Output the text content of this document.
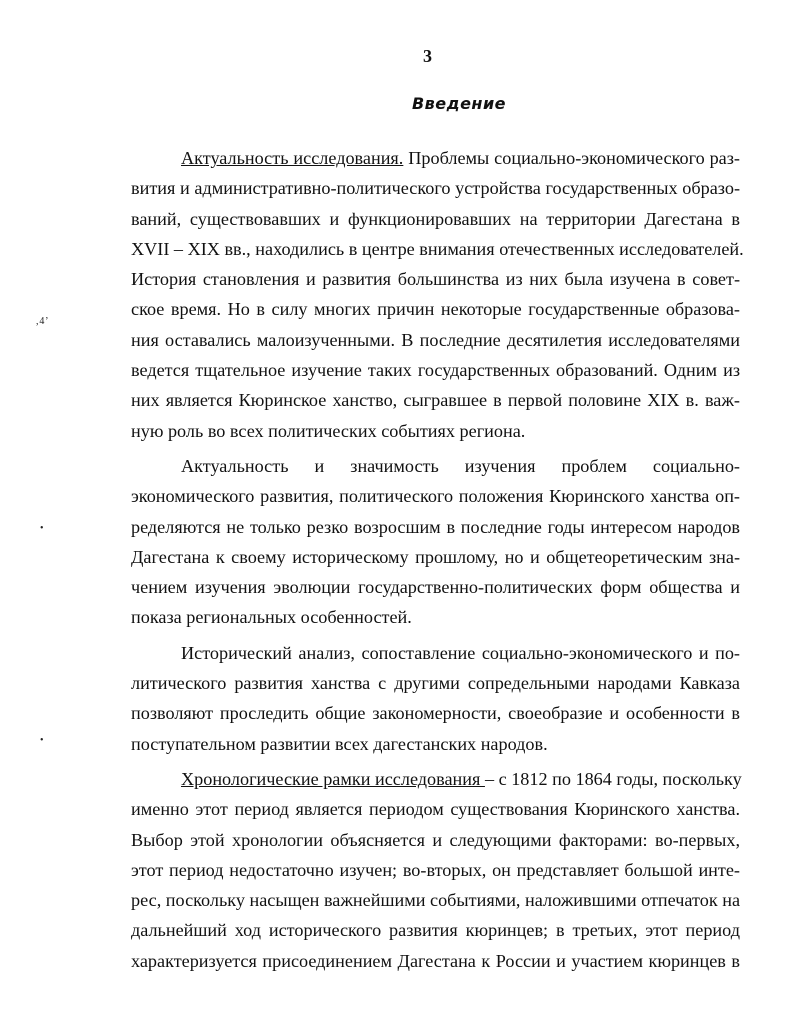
3
Введение
, 4 ’
•
•
Актуальность исследования. Проблемы социально-экономического раз-
вития и административно-политического устройства государственных образо-
ваний, существовавших и функционировавших на территории Дагестана в
XVII – XIX вв., находились в центре внимания отечественных исследователей.
История становления и развития большинства из них была изучена в совет-
ское время. Но в силу многих причин некоторые государственные образова-
ния оставались малоизученными. В последние десятилетия исследователями
ведется тщательное изучение таких государственных образований. Одним из
них является Кюринское ханство, сыгравшее в первой половине XIX в. важ-
ную роль во всех политических событиях региона.
Актуальность и значимость изучения проблем социально-
экономического развития, политического положения Кюринского ханства оп-
ределяются не только резко возросшим в последние годы интересом народов
Дагестана к своему историческому прошлому, но и общетеоретическим зна-
чением изучения эволюции государственно-политических форм общества и
показа региональных особенностей.
Исторический анализ, сопоставление социально-экономического и по-
литического развития ханства с другими сопредельными народами Кавказа
позволяют проследить общие закономерности, своеобразие и особенности в
поступательном развитии всех дагестанских народов.
Хронологические рамки исследования – с 1812 по 1864 годы, поскольку
именно этот период является периодом существования Кюринского ханства.
Выбор этой хронологии объясняется и следующими факторами: во-первых,
этот период недостаточно изучен; во-вторых, он представляет большой инте-
рес, поскольку насыщен важнейшими событиями, наложившими отпечаток на
дальнейший ход исторического развития кюринцев; в третьих, этот период
характеризуется присоединением Дагестана к России и участием кюринцев в
